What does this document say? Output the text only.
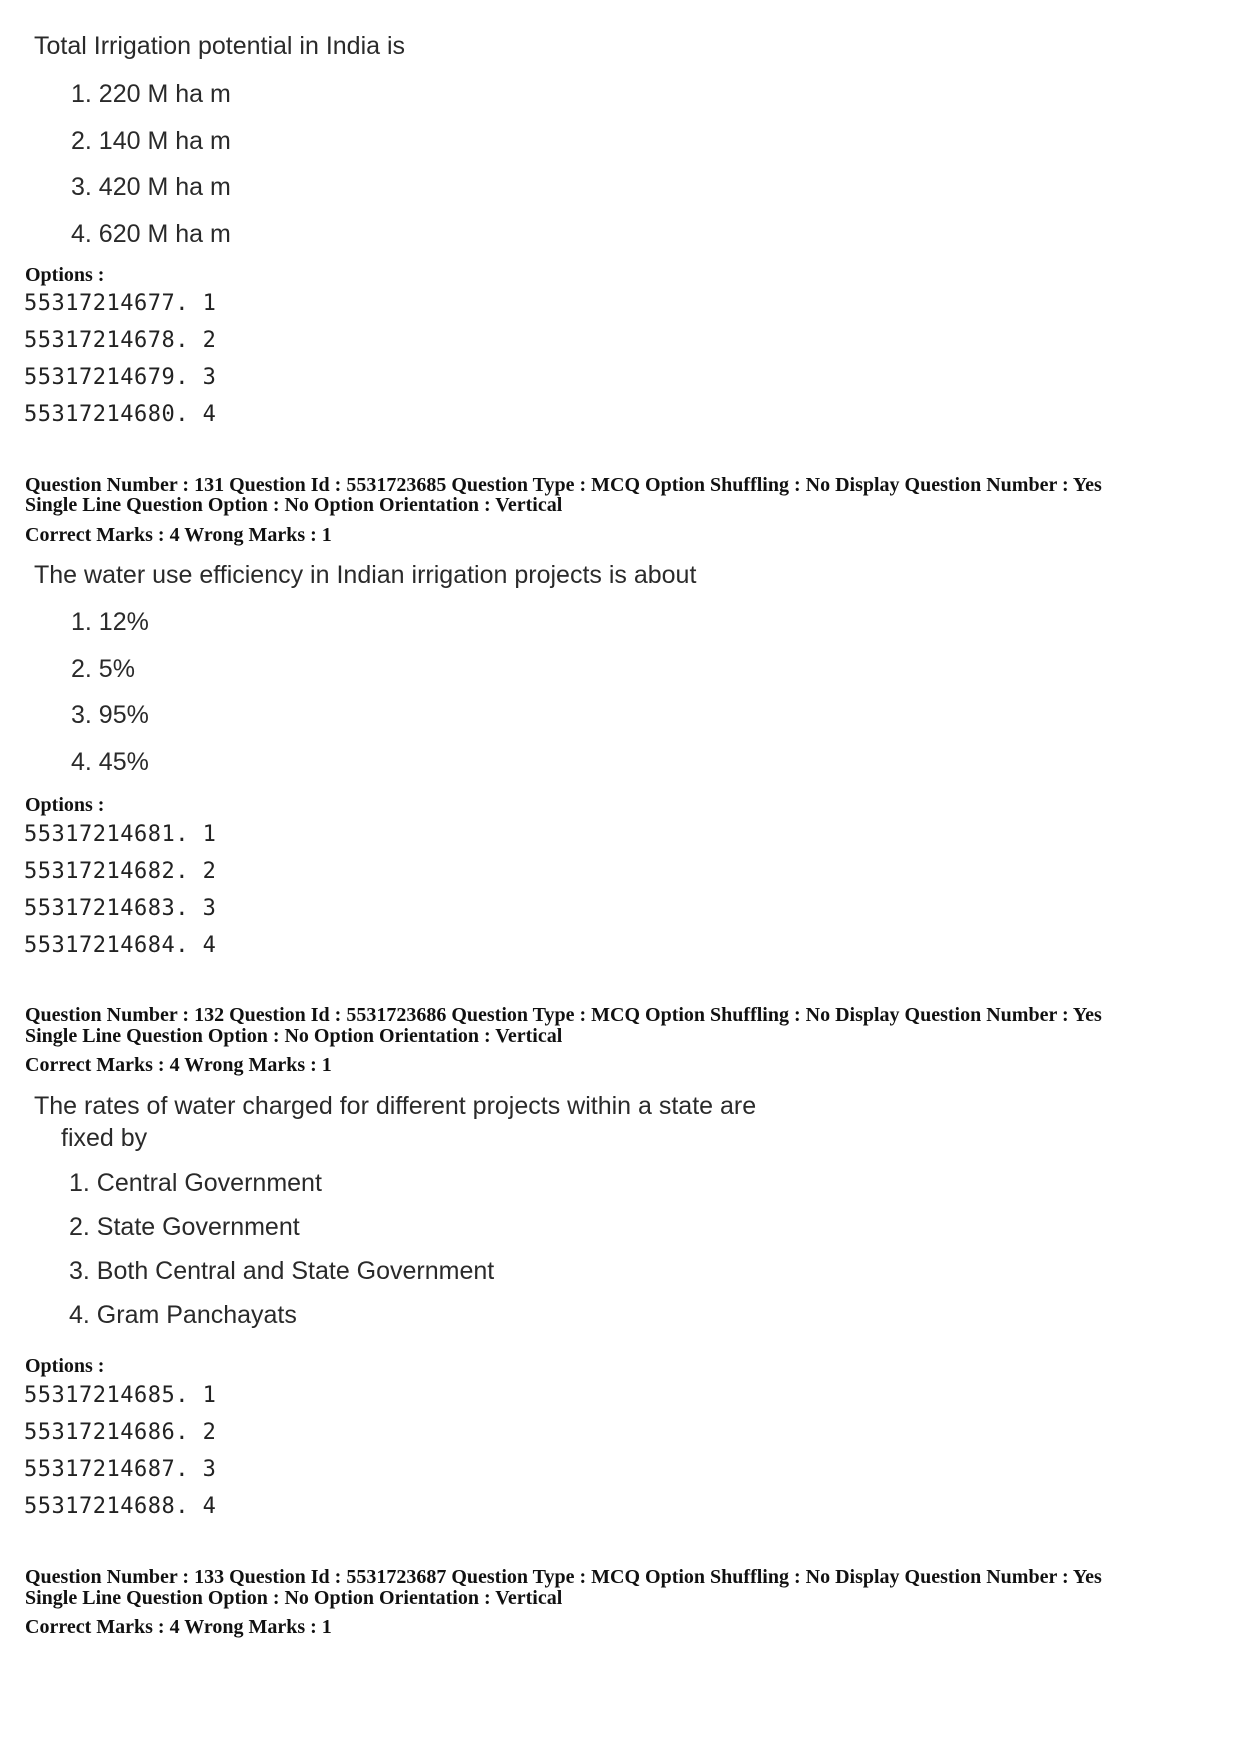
Total Irrigation potential in India is
1. 220 M ha m
2. 140 M ha m
3. 420 M ha m
4. 620 M ha m
Options :
55317214677. 1
55317214678. 2
55317214679. 3
55317214680. 4
Question Number : 131 Question Id : 5531723685 Question Type : MCQ Option Shuffling : No Display Question Number : Yes
Single Line Question Option : No Option Orientation : Vertical
Correct Marks : 4 Wrong Marks : 1
The water use efficiency in Indian irrigation projects is about
1. 12%
2. 5%
3. 95%
4. 45%
Options :
55317214681. 1
55317214682. 2
55317214683. 3
55317214684. 4
Question Number : 132 Question Id : 5531723686 Question Type : MCQ Option Shuffling : No Display Question Number : Yes
Single Line Question Option : No Option Orientation : Vertical
Correct Marks : 4 Wrong Marks : 1
The rates of water charged for different projects within a state are
fixed by
1. Central Government
2. State Government
3. Both Central and State Government
4. Gram Panchayats
Options :
55317214685. 1
55317214686. 2
55317214687. 3
55317214688. 4
Question Number : 133 Question Id : 5531723687 Question Type : MCQ Option Shuffling : No Display Question Number : Yes
Single Line Question Option : No Option Orientation : Vertical
Correct Marks : 4 Wrong Marks : 1
